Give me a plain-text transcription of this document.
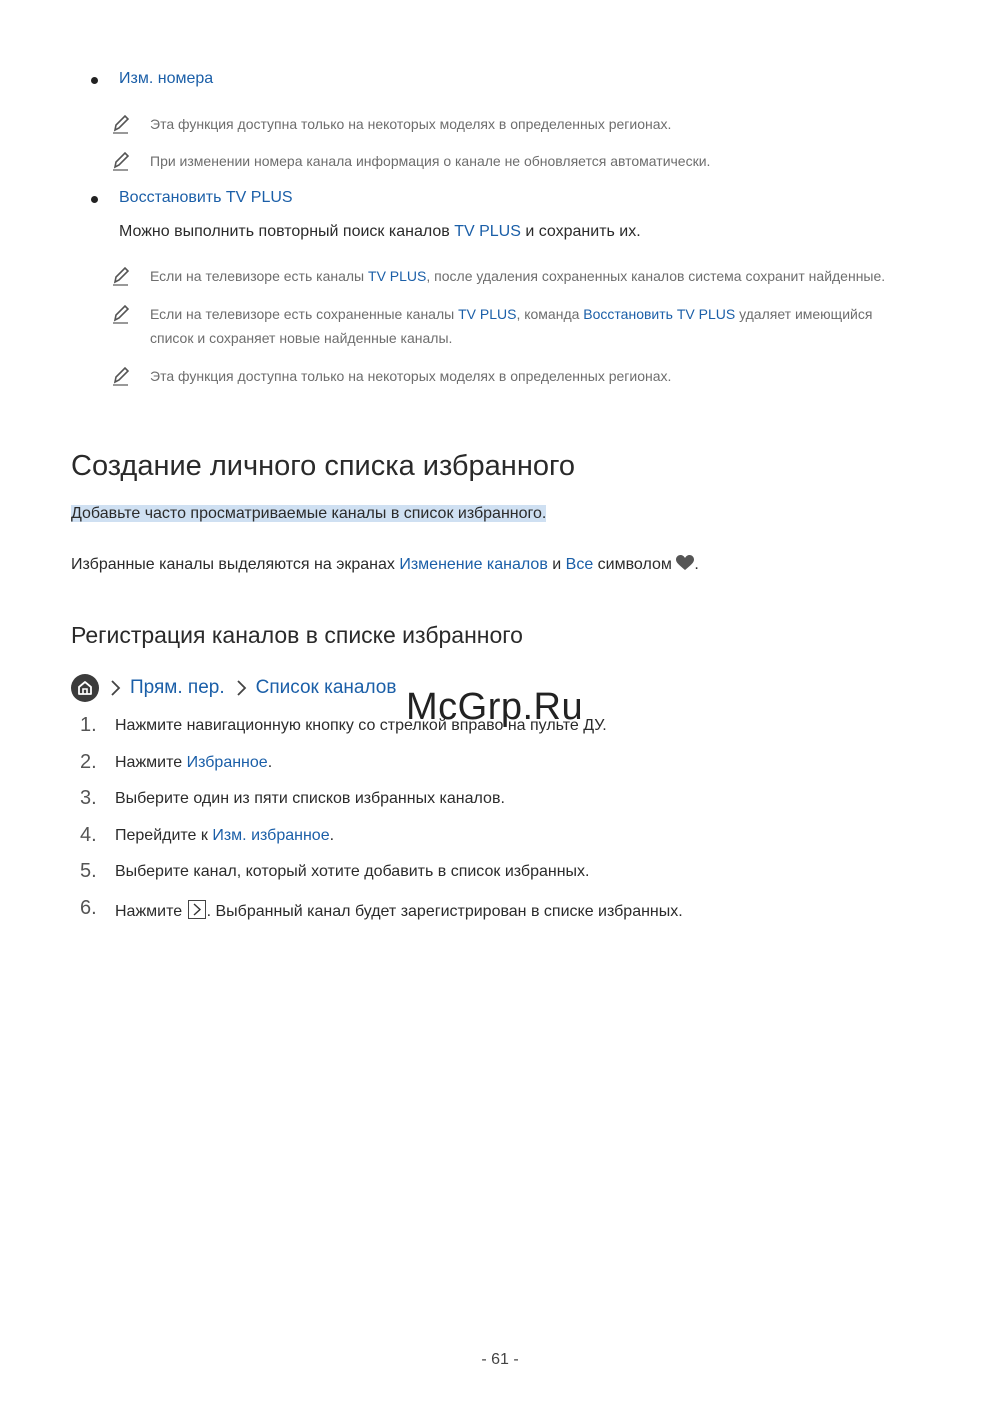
Изм. номера
Эта функция доступна только на некоторых моделях в определенных регионах.
При изменении номера канала информация о канале не обновляется автоматически.
Восстановить TV PLUS
Можно выполнить повторный поиск каналов TV PLUS и сохранить их.
Если на телевизоре есть каналы TV PLUS, после удаления сохраненных каналов система сохранит найденные.
Если на телевизоре есть сохраненные каналы TV PLUS, команда Восстановить TV PLUS удаляет имеющийся
список и сохраняет новые найденные каналы.
Эта функция доступна только на некоторых моделях в определенных регионах.
Создание личного списка избранного
Добавьте часто просматриваемые каналы в список избранного.
Избранные каналы выделяются на экранах Изменение каналов и Все символом .
Регистрация каналов в списке избранного
Прям. пер. Список каналов
1. Нажмите навигационную кнопку со стрелкой вправо на пульте ДУ.
2. Нажмите Избранное.
3. Выберите один из пяти списков избранных каналов.
4. Перейдите к Изм. избранное.
5. Выберите канал, который хотите добавить в список избранных.
6. Нажмите
. Выбранный канал будет зарегистрирован в списке избранных.
McGrp.Ru
- 61 -
